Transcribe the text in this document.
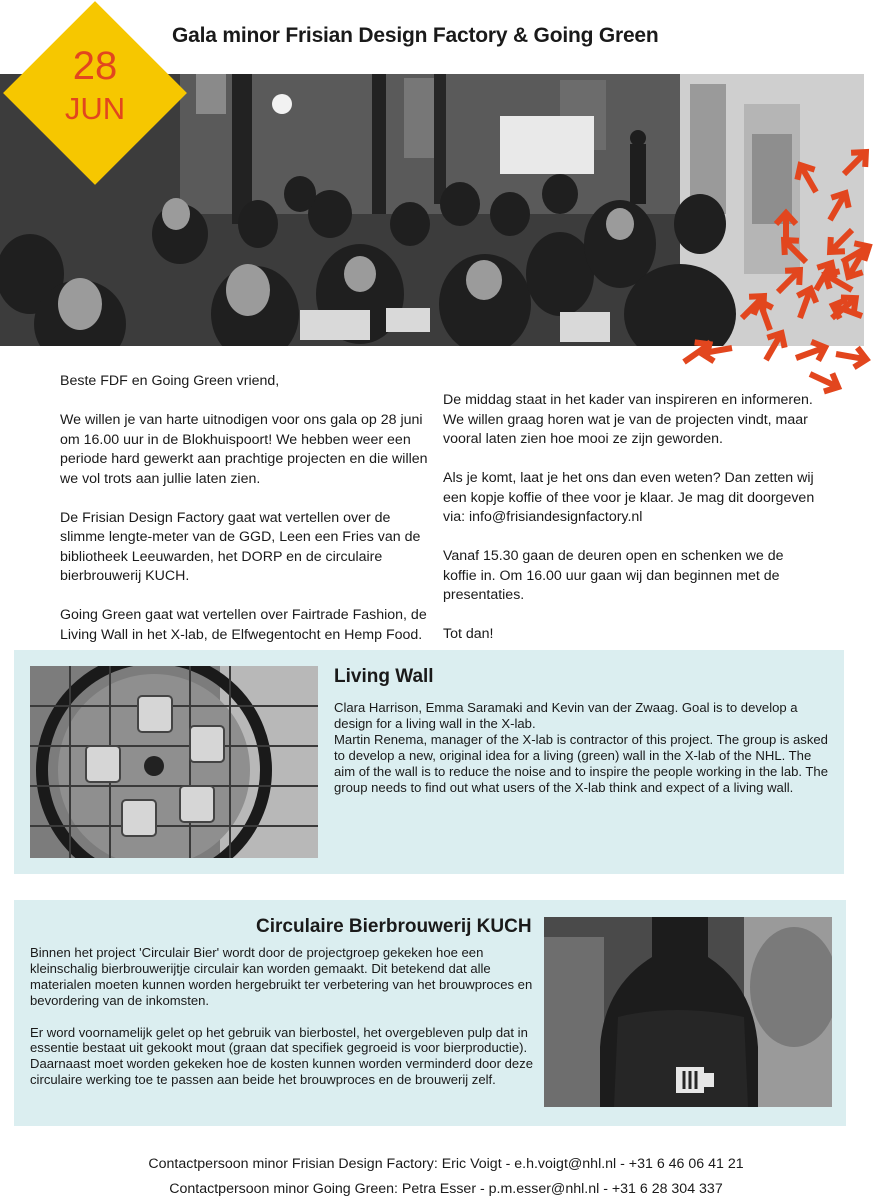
Gala minor Frisian Design Factory & Going Green
28
JUN

Beste FDF en Going Green vriend,

We willen je van harte uitnodigen voor ons gala op 28 juni om 16.00 uur in de Blokhuispoort! We hebben weer een periode hard gewerkt aan prachtige projecten en die willen we vol trots aan jullie laten zien.

De Frisian Design Factory gaat wat vertellen over de slimme lengte-meter van de GGD, Leen een Fries van de bibliotheek Leeuwarden, het DORP en de circulaire bierbrouwerij KUCH.

Going Green gaat wat vertellen over Fairtrade Fashion, de Living Wall in het X-lab, de Elfwegentocht en Hemp Food.

De middag staat in het kader van inspireren en informeren. We willen graag horen wat je van de projecten vindt, maar vooral laten zien hoe mooi ze zijn geworden.

Als je komt, laat je het ons dan even weten? Dan zetten wij een kopje koffie of thee voor je klaar. Je mag dit doorgeven via: info@frisiandesignfactory.nl

Vanaf 15.30 gaan de deuren open en schenken we de koffie in. Om 16.00 uur gaan wij dan beginnen met de presentaties.

Tot dan!

Living Wall
Clara Harrison, Emma Saramaki and Kevin van der Zwaag. Goal is to develop a design for a living wall in the X-lab.
Martin Renema, manager of the X-lab is contractor of this project. The group is asked to develop a new, original idea for a living (green) wall in the X-lab of the NHL. The aim of the wall is to reduce the noise and to inspire the people working in the lab. The group needs to find out what users of the X-lab think and expect of a living wall.
Circulaire Bierbrouwerij KUCH

Binnen het project 'Circulair Bier' wordt door de projectgroep gekeken hoe een kleinschalig bierbrouwerijtje circulair kan worden gemaakt. Dit betekend dat alle materialen moeten kunnen worden hergebruikt ter verbetering van het brouwproces en bevordering van de inkomsten.

Er word voornamelijk gelet op het gebruik van bierbostel, het overgebleven pulp dat in essentie bestaat uit gekookt mout (graan dat specifiek gegroeid is voor bierproductie). Daarnaast moet worden gekeken hoe de kosten kunnen worden verminderd door deze circulaire werking toe te passen aan beide het brouwproces en de brouwerij zelf.

Contactpersoon minor Frisian Design Factory: Eric Voigt - e.h.voigt@nhl.nl - +31 6 46 06 41 21
Contactpersoon minor Going Green: Petra Esser - p.m.esser@nhl.nl - +31 6 28 304 337
